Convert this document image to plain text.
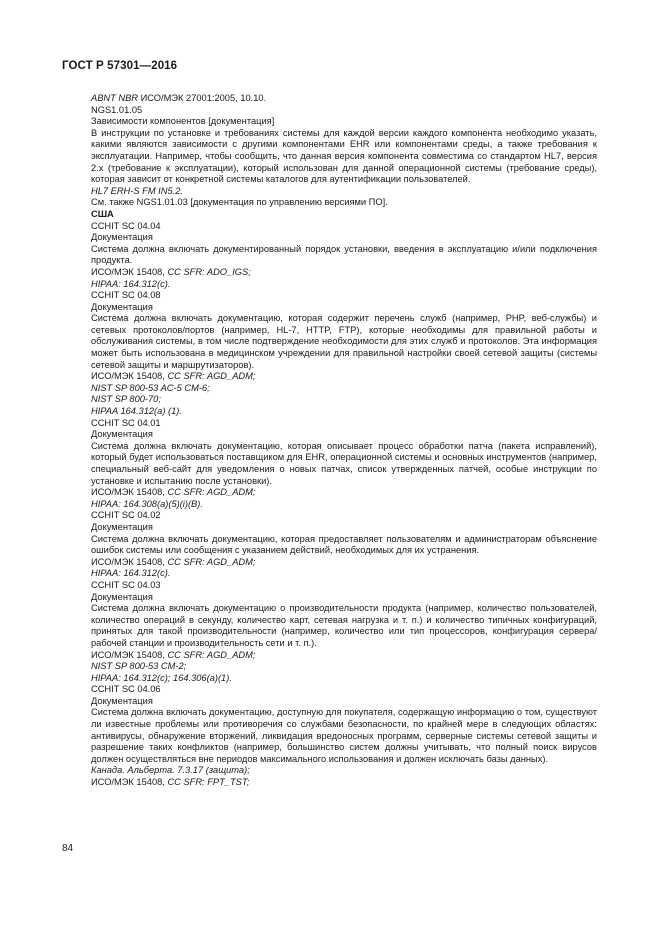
ГОСТ Р 57301—2016

ABNT NBR ИСО/МЭК 27001:2005, 10.10.

NGS1.01.05

Зависимости компонентов [документация]

В инструкции по установке и требованиях системы для каждой версии каждого компонента необходимо указать, какими являются зависимости с другими компонентами EHR или компонентами среды, а также требования к эксплуатации. Например, чтобы сообщить, что данная версия компонента совместима со стандартом HL7, версия 2.x (требование к эксплуатации), который использован для данной операционной системы (требование среды), которая зависит от конкретной системы каталогов для аутентификации пользователей.

HL7 ERH-S FM IN5.2.

См. также NGS1.01.03 [документация по управлению версиями ПО].

США

CCHIT SC 04.04

Документация

Система должна включать документированный порядок установки, введения в эксплуатацию и/или подключения продукта.

ИСО/МЭК 15408, CC SFR: ADO_IGS;

HIPAA: 164.312(c).

CCHIT SC 04.08

Документация

Система должна включать документацию, которая содержит перечень служб (например, PHP, веб-службы) и сетевых протоколов/портов (например, HL-7, HTTP, FTP), которые необходимы для правильной работы и обслуживания системы, в том числе подтверждение необходимости для этих служб и протоколов. Эта информация может быть использована в медицинском учреждении для правильной настройки своей сетевой защиты (системы сетевой защиты и маршрутизаторов).

ИСО/МЭК 15408, CC SFR: AGD_ADM;

NIST SP 800-53 AC-5 CM-6;

NIST SP 800-70;

HIPAA 164.312(a) (1).

CCHIT SC 04.01

Документация

Система должна включать документацию, которая описывает процесс обработки патча (пакета исправлений), который будет использоваться поставщиком для EHR, операционной системы и основных инструментов (например, специальный веб-сайт для уведомления о новых патчах, список утвержденных патчей, особые инструкции по установке и испытанию после установки).

ИСО/МЭК 15408, CC SFR: AGD_ADM;

HIPAA: 164.308(a)(5)(i)(B).

CCHIT SC 04.02

Документация

Система должна включать документацию, которая предоставляет пользователям и администраторам объяснение ошибок системы или сообщения с указанием действий, необходимых для их устранения.

ИСО/МЭК 15408, CC SFR: AGD_ADM;

HIPAA: 164.312(c).

CCHIT SC 04.03

Документация

Система должна включать документацию о производительности продукта (например, количество пользователей, количество операций в секунду, количество карт, сетевая нагрузка и т. п.) и количество типичных конфигураций, принятых для такой производительности (например, количество или тип процессоров, конфигурация сервера/рабочей станции и производительность сети и т. п.).

ИСО/МЭК 15408, CC SFR: AGD_ADM;

NIST SP 800-53 CM-2;

HIPAA: 164.312(c); 164.306(a)(1).

CCHIT SC 04.06

Документация

Система должна включать документацию, доступную для покупателя, содержащую информацию о том, существуют ли известные проблемы или противоречия со службами безопасности, по крайней мере в следующих областях: антивирусы, обнаружение вторжений, ликвидация вредоносных программ, серверные системы сетевой защиты и разрешение таких конфликтов (например, большинство систем должны учитывать, что полный поиск вирусов должен осуществляться вне периодов максимального использования и должен исключать базы данных).

Канада. Альберта. 7.3.17 (защита);

ИСО/МЭК 15408, CC SFR: FPT_TST;

84
